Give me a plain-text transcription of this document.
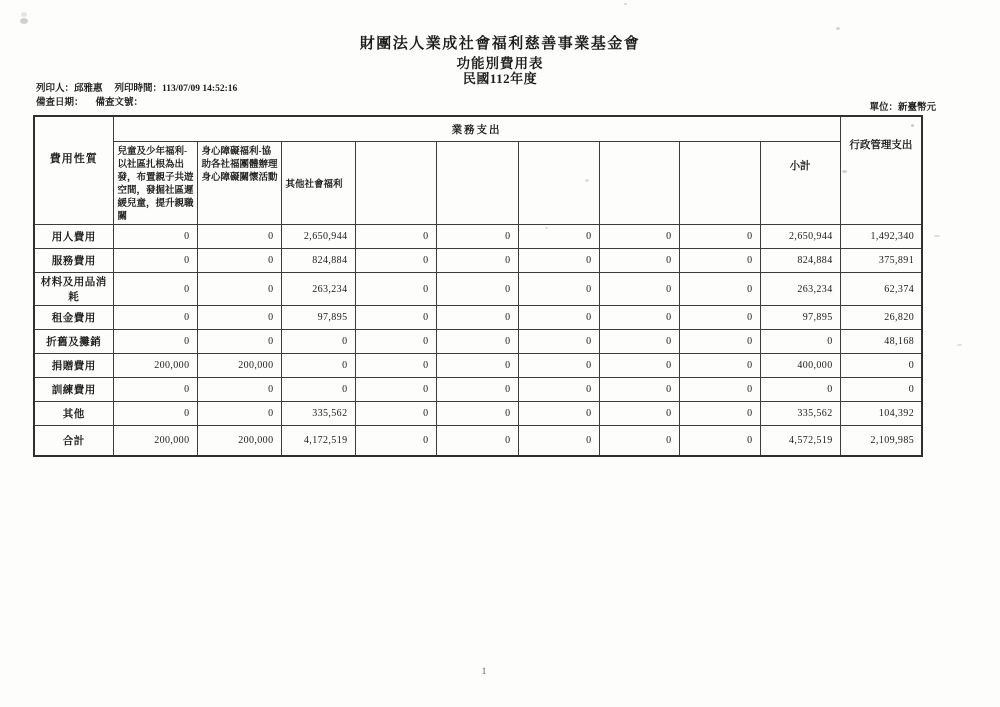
財團法人業成社會福利慈善事業基金會
功能別費用表
民國112年度
列印人：邱雅惠 列印時間：113/07/09 14:52:16
備查日期： 備查文號：	單位：新臺幣元
費用性質	業務支出									行政管理支出
	兒童及少年福利-以社區扎根為出發，布置親子共遊空間，發掘社區遲緩兒童，提升親職關	身心障礙福利-協助各社福團體辦理身心障礙關懷活動	其他社會福利						小計	
用人費用	0	0	2,650,944	0	0	0	0	0	2,650,944	1,492,340
服務費用	0	0	824,884	0	0	0	0	0	824,884	375,891
材料及用品消耗	0	0	263,234	0	0	0	0	0	263,234	62,374
租金費用	0	0	97,895	0	0	0	0	0	97,895	26,820
折舊及攤銷	0	0	0	0	0	0	0	0	0	48,168
捐贈費用	200,000	200,000	0	0	0	0	0	0	400,000	0
訓練費用	0	0	0	0	0	0	0	0	0	0
其他	0	0	335,562	0	0	0	0	0	335,562	104,392
合計	200,000	200,000	4,172,519	0	0	0	0	0	4,572,519	2,109,985
1
